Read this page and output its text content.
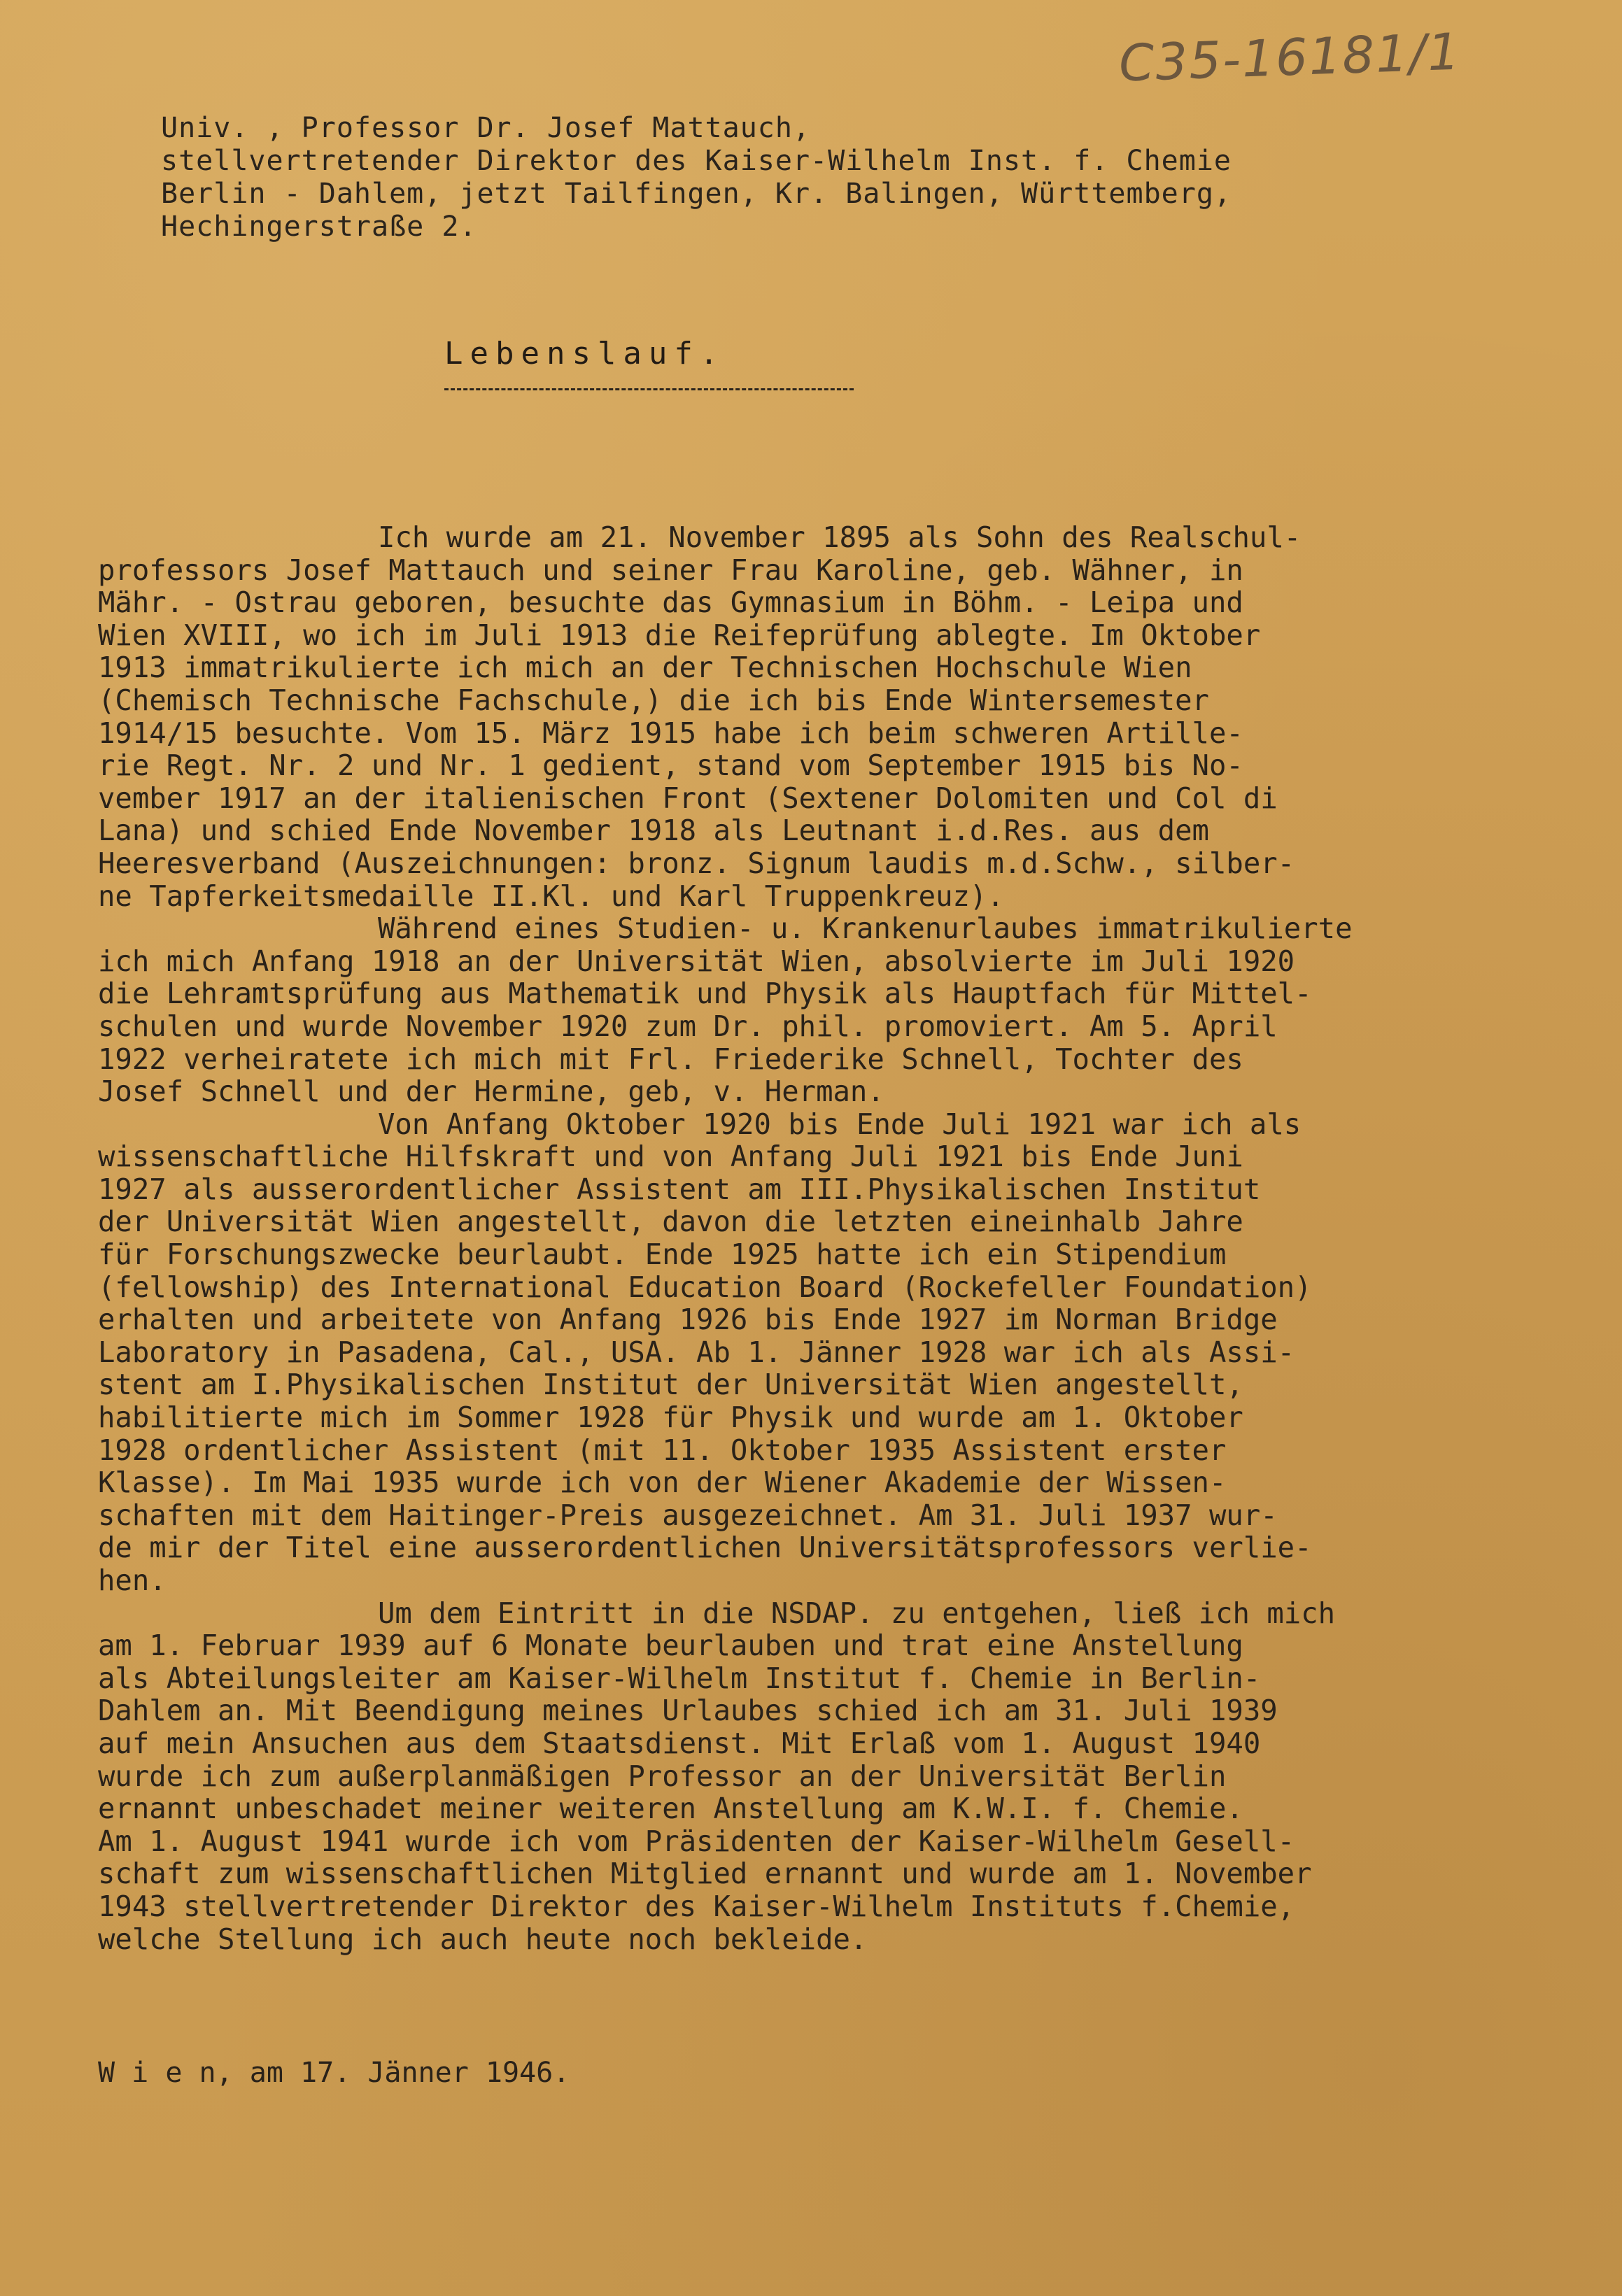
C35-16181/1
Univ. , Professor Dr. Josef Mattauch,
stellvertretender Direktor des Kaiser-Wilhelm Inst. f. Chemie
Berlin - Dahlem, jetzt Tailfingen, Kr. Balingen, Württemberg,
Hechingerstraße 2.
Lebenslauf.
Ich wurde am 21. November 1895 als Sohn des Realschul-
professors Josef Mattauch und seiner Frau Karoline, geb. Wähner, in
Mähr. - Ostrau geboren, besuchte das Gymnasium in Böhm. - Leipa und
Wien XVIII, wo ich im Juli 1913 die Reifeprüfung ablegte. Im Oktober
1913 immatrikulierte ich mich an der Technischen Hochschule Wien
(Chemisch Technische Fachschule,) die ich bis Ende Wintersemester
1914/15 besuchte. Vom 15. März 1915 habe ich beim schweren Artille-
rie Regt. Nr. 2 und Nr. 1 gedient, stand vom September 1915 bis No-
vember 1917 an der italienischen Front (Sextener Dolomiten und Col di
Lana) und schied Ende November 1918 als Leutnant i.d.Res. aus dem
Heeresverband (Auszeichnungen: bronz. Signum laudis m.d.Schw., silber-
ne Tapferkeitsmedaille II.Kl. und Karl Truppenkreuz).
Während eines Studien- u. Krankenurlaubes immatrikulierte
ich mich Anfang 1918 an der Universität Wien, absolvierte im Juli 1920
die Lehramtsprüfung aus Mathematik und Physik als Hauptfach für Mittel-
schulen und wurde November 1920 zum Dr. phil. promoviert. Am 5. April
1922 verheiratete ich mich mit Frl. Friederike Schnell, Tochter des
Josef Schnell und der Hermine, geb, v. Herman.
Von Anfang Oktober 1920 bis Ende Juli 1921 war ich als
wissenschaftliche Hilfskraft und von Anfang Juli 1921 bis Ende Juni
1927 als ausserordentlicher Assistent am III.Physikalischen Institut
der Universität Wien angestellt, davon die letzten eineinhalb Jahre
für Forschungszwecke beurlaubt. Ende 1925 hatte ich ein Stipendium
(fellowship) des International Education Board (Rockefeller Foundation)
erhalten und arbeitete von Anfang 1926 bis Ende 1927 im Norman Bridge
Laboratory in Pasadena, Cal., USA. Ab 1. Jänner 1928 war ich als Assi-
stent am I.Physikalischen Institut der Universität Wien angestellt,
habilitierte mich im Sommer 1928 für Physik und wurde am 1. Oktober
1928 ordentlicher Assistent (mit 11. Oktober 1935 Assistent erster
Klasse). Im Mai 1935 wurde ich von der Wiener Akademie der Wissen-
schaften mit dem Haitinger-Preis ausgezeichnet. Am 31. Juli 1937 wur-
de mir der Titel eine ausserordentlichen Universitätsprofessors verlie-
hen.
Um dem Eintritt in die NSDAP. zu entgehen, ließ ich mich
am 1. Februar 1939 auf 6 Monate beurlauben und trat eine Anstellung
als Abteilungsleiter am Kaiser-Wilhelm Institut f. Chemie in Berlin-
Dahlem an. Mit Beendigung meines Urlaubes schied ich am 31. Juli 1939
auf mein Ansuchen aus dem Staatsdienst. Mit Erlaß vom 1. August 1940
wurde ich zum außerplanmäßigen Professor an der Universität Berlin
ernannt unbeschadet meiner weiteren Anstellung am K.W.I. f. Chemie.
Am 1. August 1941 wurde ich vom Präsidenten der Kaiser-Wilhelm Gesell-
schaft zum wissenschaftlichen Mitglied ernannt und wurde am 1. November
1943 stellvertretender Direktor des Kaiser-Wilhelm Instituts f.Chemie,
welche Stellung ich auch heute noch bekleide.
W i e n, am 17. Jänner 1946.
